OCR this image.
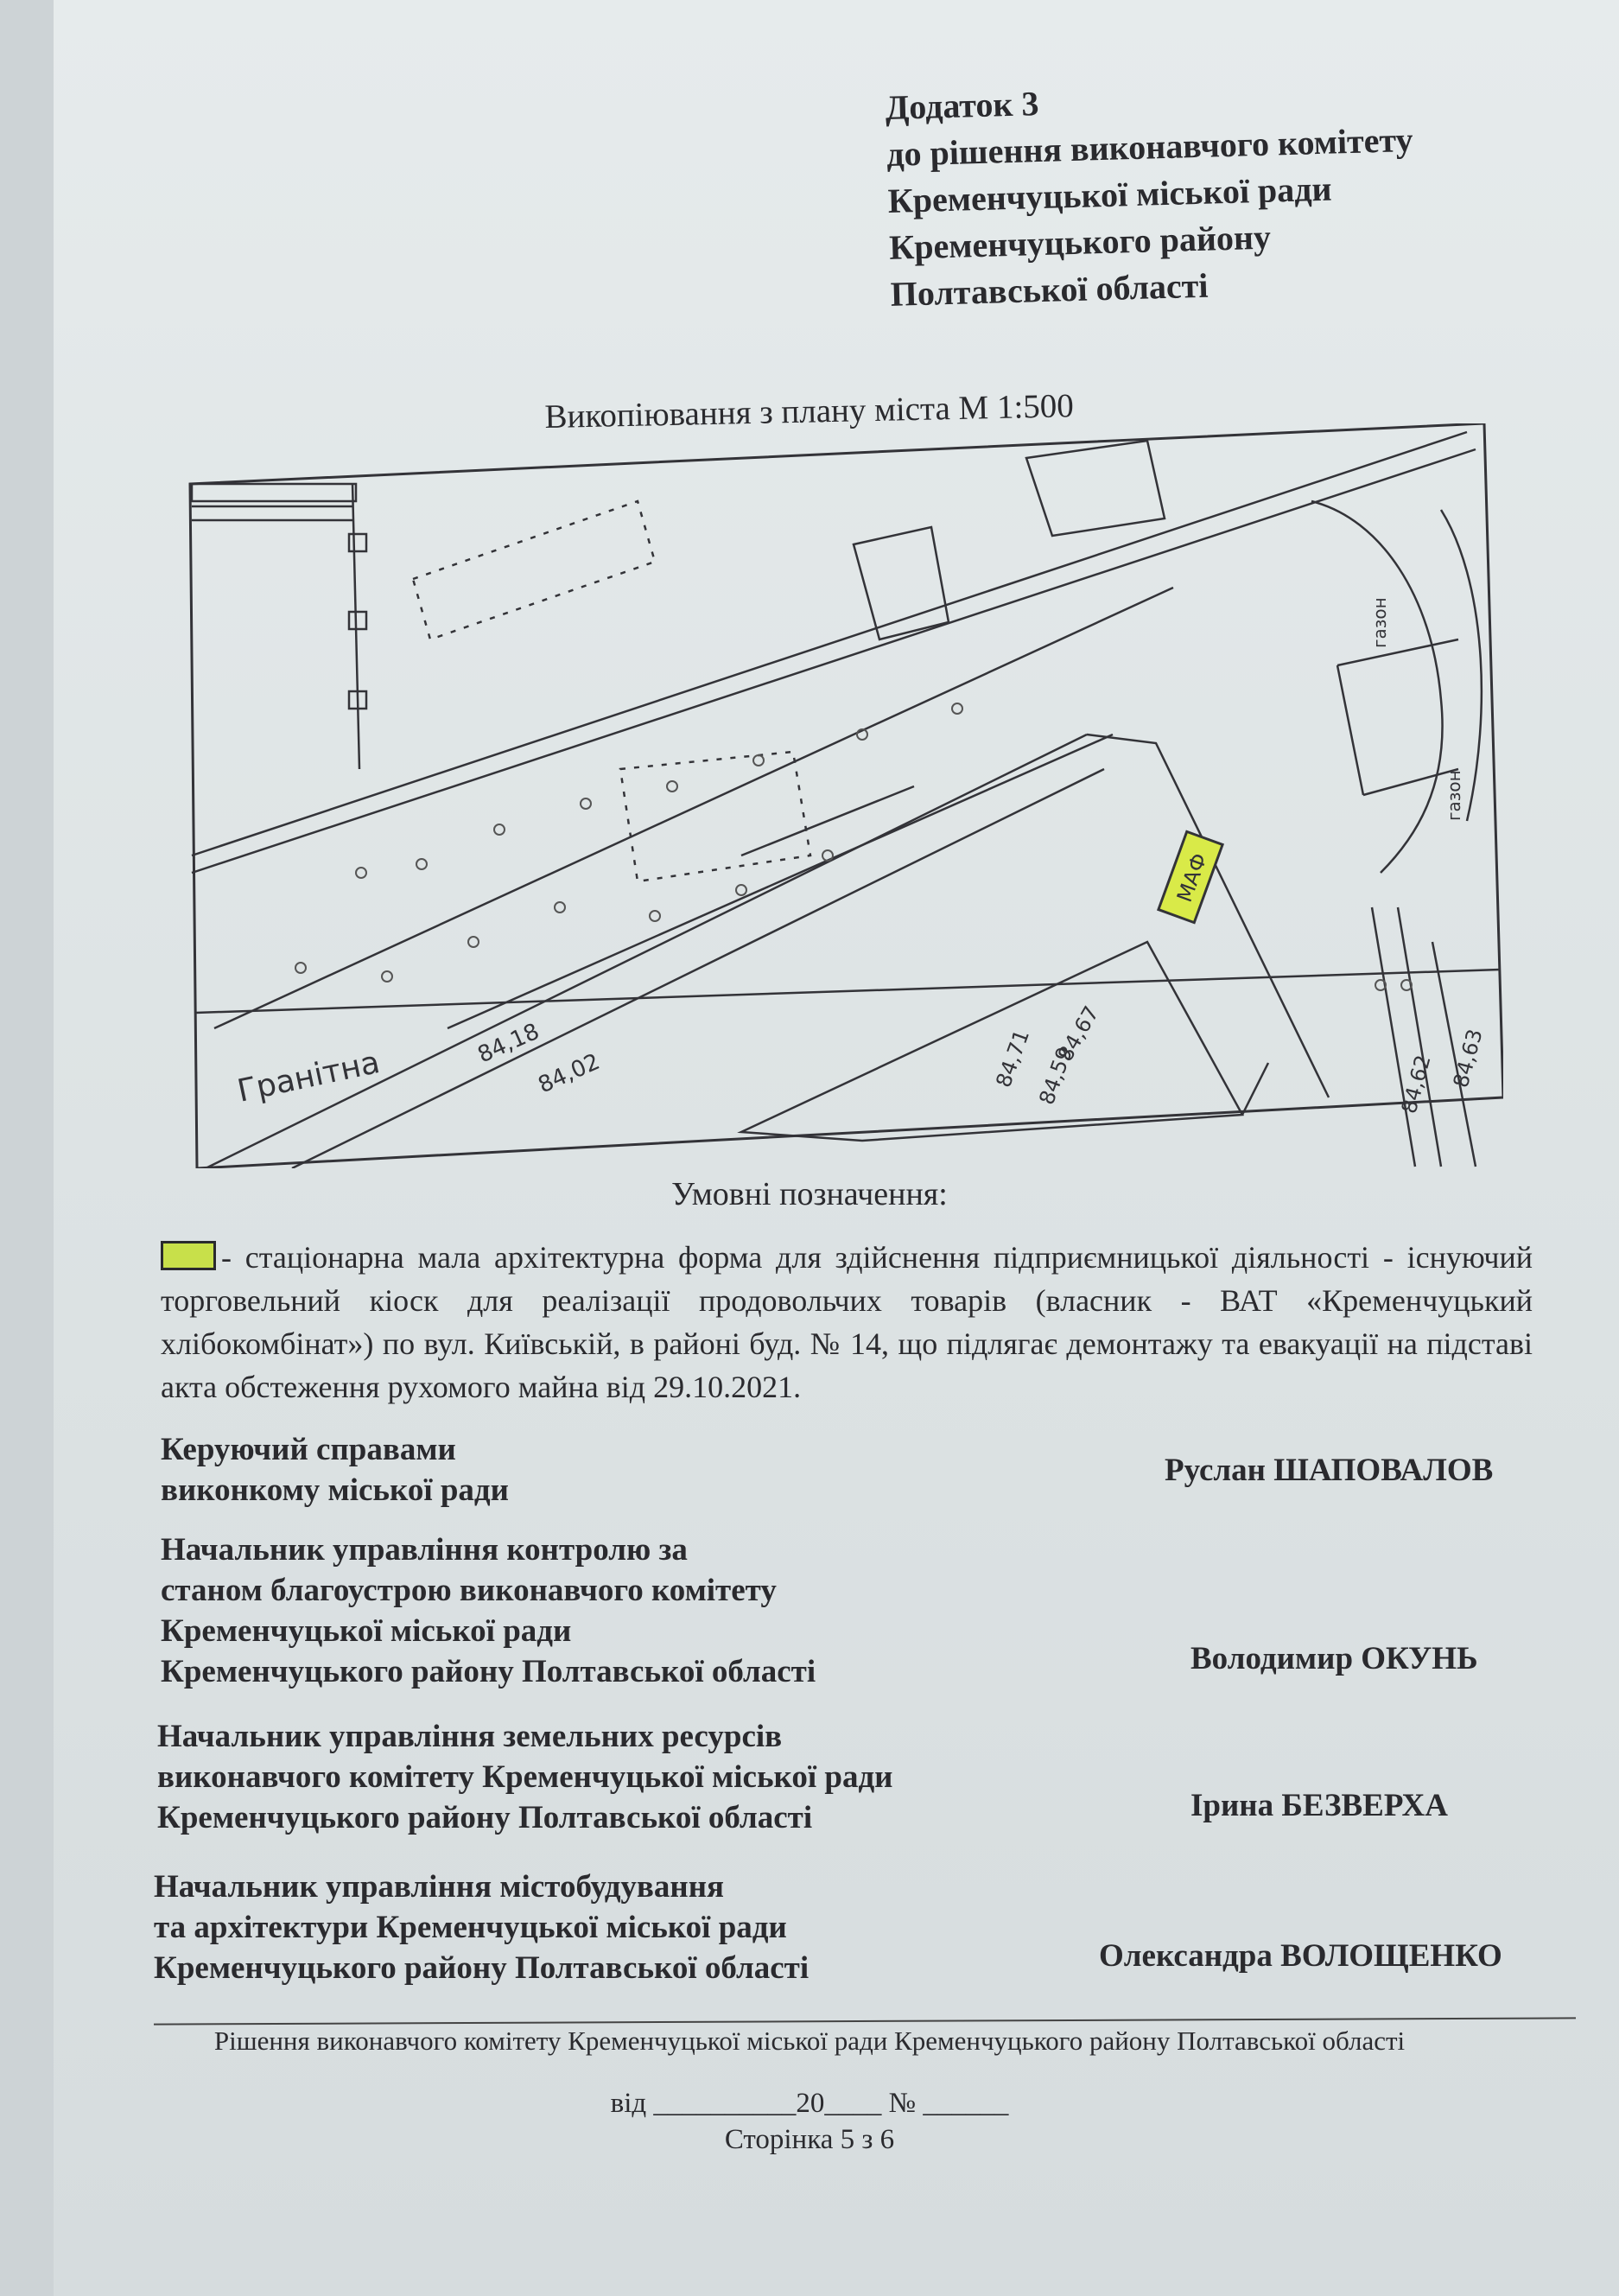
Додаток 3
до рішення виконавчого комітету
Кременчуцької міської ради
Кременчуцького району
Полтавської області
Викопіювання з плану міста М 1:500
МАФ
Гранітна
84,18
84,02	84,71 84,59
84,67
84,62 84,63
газон
газон
Умовні позначення:
- стаціонарна мала архітектурна форма для здійснення підприємницької діяльності - існуючий торговельний кіоск для реалізації продовольчих товарів (власник - ВАТ «Кременчуцький хлібокомбінат») по вул. Київській, в районі буд. № 14, що підлягає демонтажу та евакуації на підставі акта обстеження рухомого майна від 29.10.2021.
Керуючий справами
виконкому міської ради
Руслан ШАПОВАЛОВ
Начальник управління контролю за
станом благоустрою виконавчого комітету
Кременчуцької міської ради
Кременчуцького району Полтавської області	Володимир ОКУНЬ
Начальник управління земельних ресурсів
виконавчого комітету Кременчуцької міської ради
Кременчуцького району Полтавської області	Ірина БЕЗВЕРХА
Начальник управління містобудування
та архітектури Кременчуцької міської ради
Кременчуцького району Полтавської області	Олександра ВОЛОЩЕНКО
Рішення виконавчого комітету Кременчуцької міської ради Кременчуцького району Полтавської області
від __________20____ № ______
Сторінка 5 з 6
